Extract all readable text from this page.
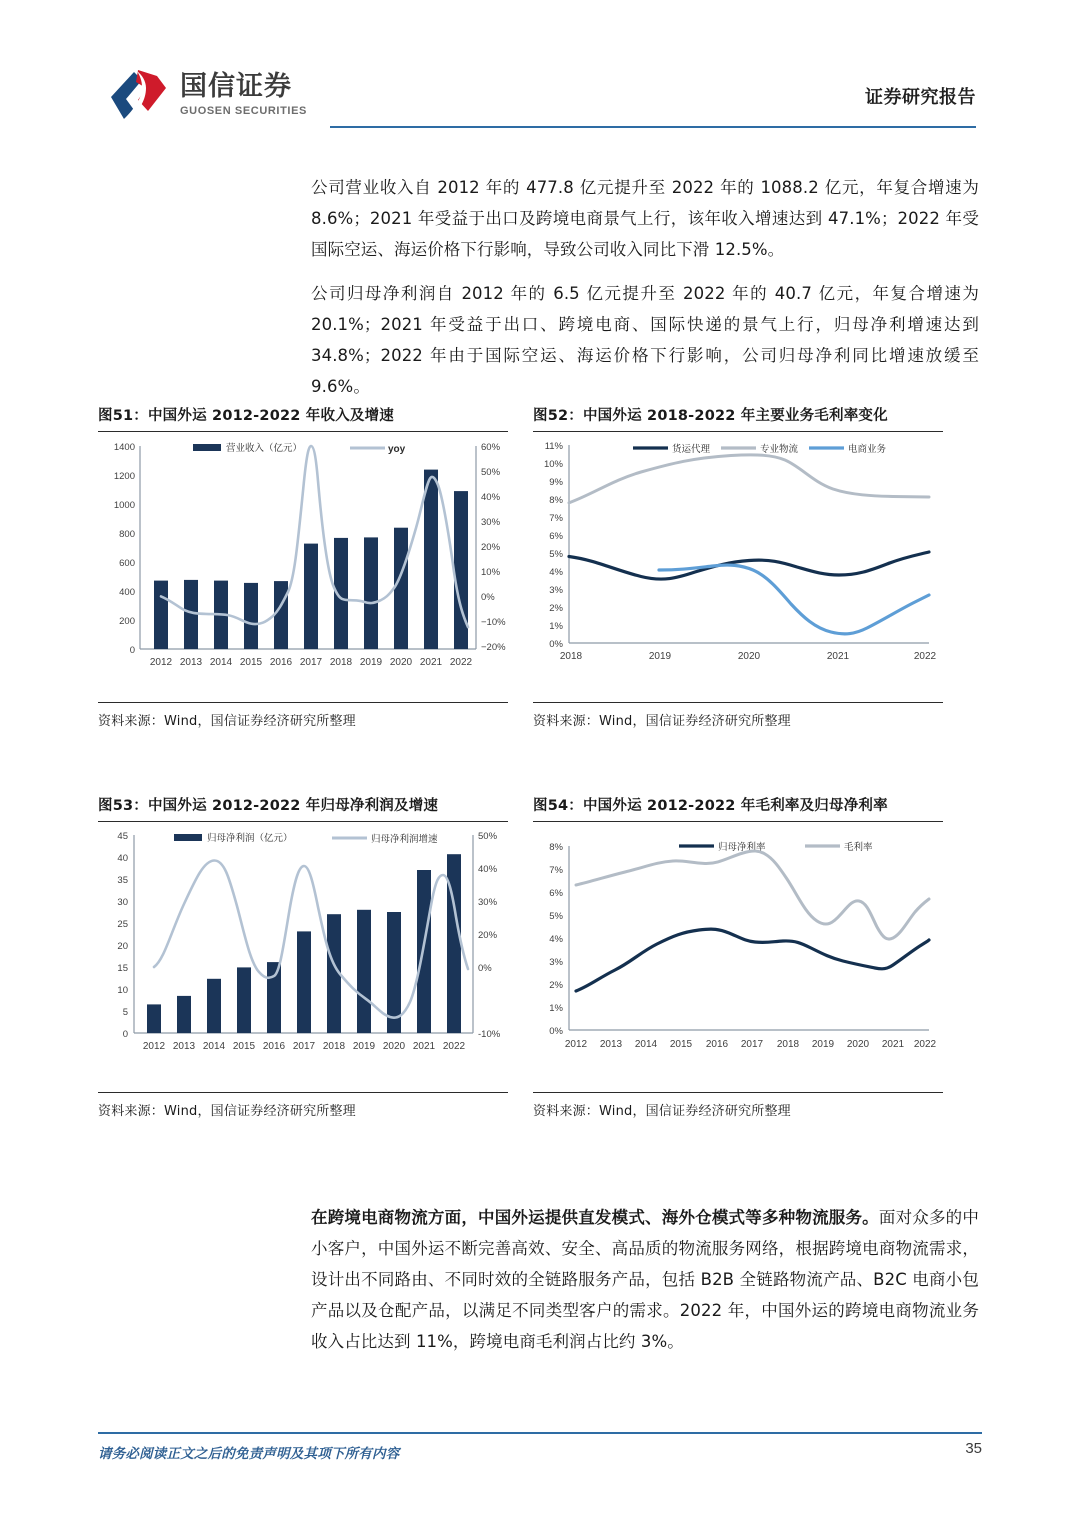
国信证券
GUOSEN SECURITIES
证券研究报告
公司营业收入自 2012 年的 477.8 亿元提升至 2022 年的 1088.2 亿元，年复合增速为 8.6%；2021 年受益于出口及跨境电商景气上行，该年收入增速达到 47.1%；2022 年受国际空运、海运价格下行影响，导致公司收入同比下滑 12.5%。
公司归母净利润自 2012 年的 6.5 亿元提升至 2022 年的 40.7 亿元，年复合增速为 20.1%；2021 年受益于出口、跨境电商、国际快递的景气上行，归母净利增速达到 34.8%；2022 年由于国际空运、海运价格下行影响，公司归母净利同比增速放缓至 9.6%。
图51：中国外运 2012-2022 年收入及增速
营业收入（亿元）	yoy
1400
1200
1000
800
600
400
200
0
60%
50%
40%
30%
20%
10%
0%
−10%
−20%
2012 2013 2014 2015 2016 2017 2018 2019 2020 2021 2022
资料来源：Wind，国信证券经济研究所整理
图52：中国外运 2018-2022 年主要业务毛利率变化
货运代理	专业物流	电商业务
11%
10%
9%
8%
7%
6%
5%
4%
3%
2%
1%
0%
2018	2019	2020	2021	2022
资料来源：Wind，国信证券经济研究所整理
图53：中国外运 2012-2022 年归母净利润及增速
归母净利润（亿元）	归母净利润增速
45
40
35
30
25
20
15
10
5
0
50%
40%
30%
20%
0%
-10%
2012 2013 2014 2015 2016 2017 2018 2019 2020 2021 2022
资料来源：Wind，国信证券经济研究所整理
图54：中国外运 2012-2022 年毛利率及归母净利率
归母净利率	毛利率
8%
7%
6%
5%
4%
3%
2%
1%
0%
2012 2013 2014 2015 2016 2017 2018 2019 2020 2021 2022
资料来源：Wind，国信证券经济研究所整理
在跨境电商物流方面，中国外运提供直发模式、海外仓模式等多种物流服务。面对众多的中小客户，中国外运不断完善高效、安全、高品质的物流服务网络，根据跨境电商物流需求，设计出不同路由、不同时效的全链路服务产品，包括 B2B 全链路物流产品、B2C 电商小包产品以及仓配产品，以满足不同类型客户的需求。2022 年，中国外运的跨境电商物流业务收入占比达到 11%，跨境电商毛利润占比约 3%。
请务必阅读正文之后的免责声明及其项下所有内容	35
